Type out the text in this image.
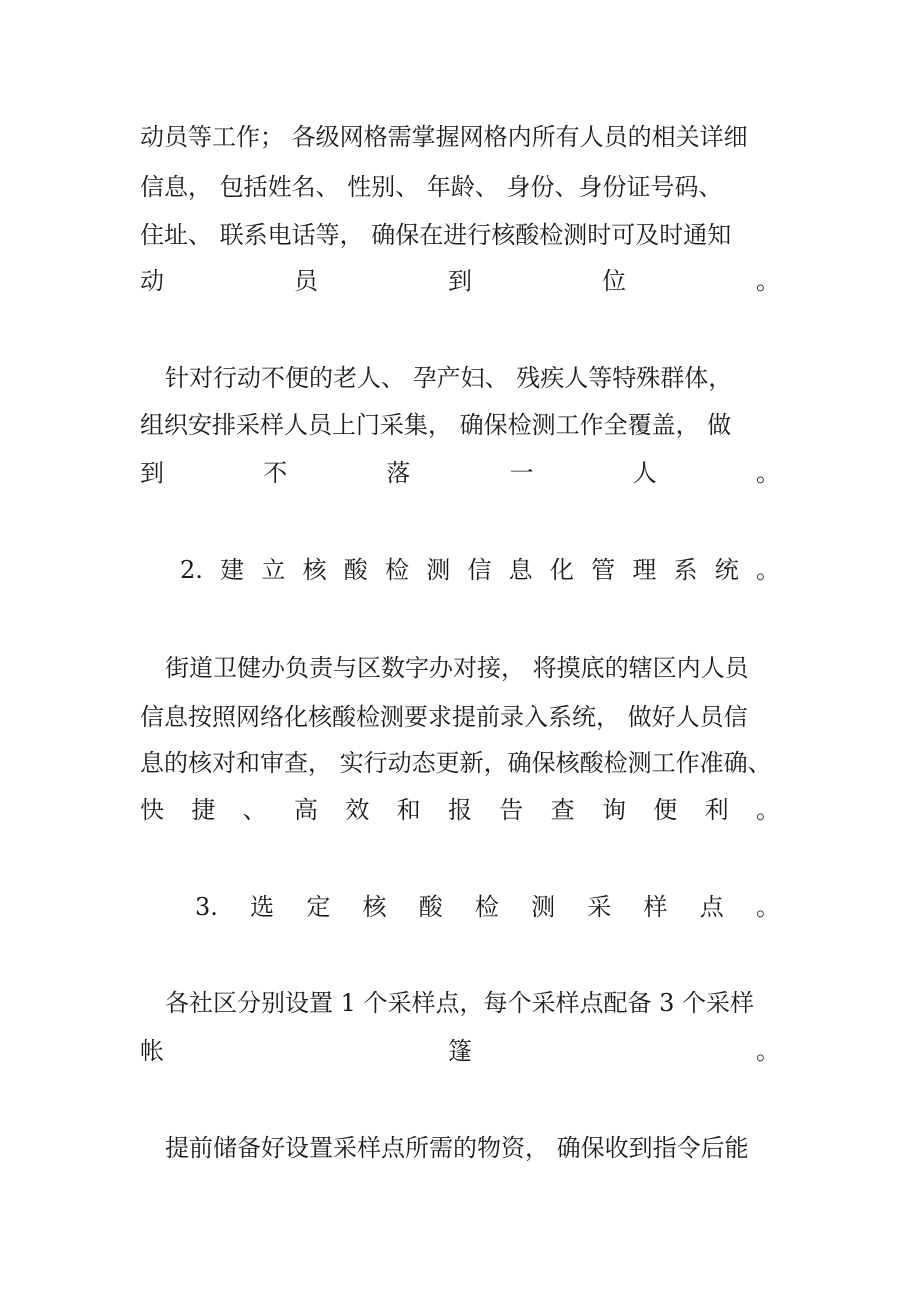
动员等工作； 各级网格需掌握网格内所有人员的相关详细
信息， 包括姓名、 性别、 年龄、 身份、身份证号码、
住址、 联系电话等， 确保在进行核酸检测时可及时通知
动	员	到	位	。
针对行动不便的老人、 孕产妇、 残疾人等特殊群体，
组织安排采样人员上门采集， 确保检测工作全覆盖， 做
到	不	落	一	人	。
2. 建 立 核 酸 检 测 信 息 化 管 理 系 统 。
街道卫健办负责与区数字办对接， 将摸底的辖区内人员
信息按照网络化核酸检测要求提前录入系统， 做好人员信
息的核对和审查， 实行动态更新，确保核酸检测工作准确、
快 捷 、 高 效 和 报 告 查 询 便 利 。
3. 选 定 核 酸 检 测 采 样 点 。
各社区分别设置 1 个采样点，每个采样点配备 3 个采样
帐	篷	。
提前储备好设置采样点所需的物资， 确保收到指令后能
